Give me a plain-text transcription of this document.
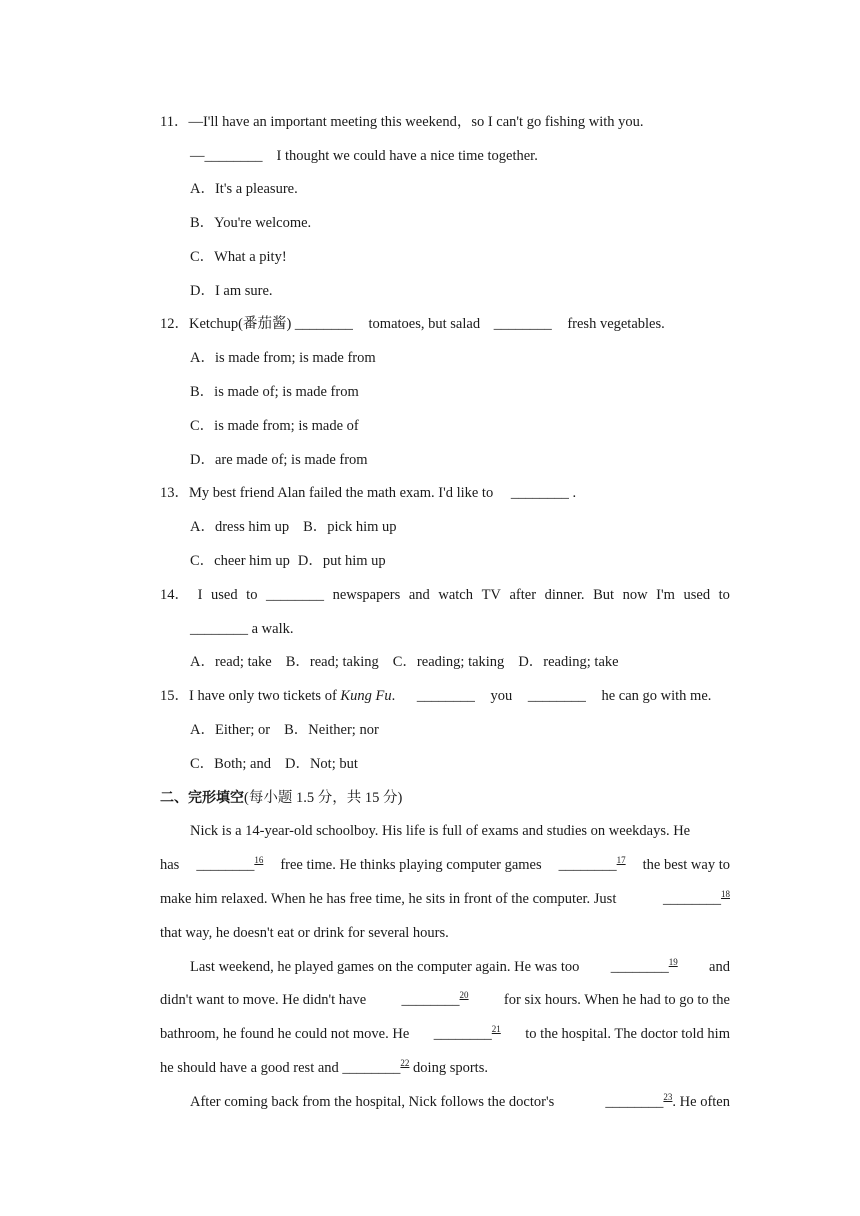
11．—I'll have an important meeting this weekend，so I can't go fishing with you.
—________ I thought we could have a nice time together.
A．It's a pleasure.
B．You're welcome.
C．What a pity!
D．I am sure.
12．Ketchup(番茄酱) ________ tomatoes, but salad ________ fresh vegetables.
A．is made from; is made from
B．is made of; is made from
C．is made from; is made of
D．are made of; is made from
13．My best friend Alan failed the math exam. I'd like to ________ .
A．dress him up B．pick him up
C．cheer him up D．put him up
14． I used to ________ newspapers and watch TV after dinner. But now I'm used to
________ a walk.
A．read; take B．read; taking C．reading; taking D．reading; take
15．I have only two tickets of Kung Fu. ________ you ________ he can go with me.
A．Either; or B．Neither; nor
C．Both; and D．Not; but
二、完形填空(每小题 1.5 分，共 15 分)
Nick is a 14-year-old schoolboy. His life is full of exams and studies on weekdays. He
has ________$^{16}$ free time. He thinks playing computer games ________$^{17}$ the best way to
make him relaxed. When he has free time, he sits in front of the computer. Just	________$^{18}$
that way, he doesn't eat or drink for several hours.
Last weekend, he played games on the computer again. He was too ________$^{19}$ and
didn't want to move. He didn't have ________$^{20}$ for six hours. When he had to go to the
bathroom, he found he could not move. He ________$^{21}$ to the hospital. The doctor told him
he should have a good rest and ________$^{22}$ doing sports.
After coming back from the hospital, Nick follows the doctor's	________$^{23}$. He often
